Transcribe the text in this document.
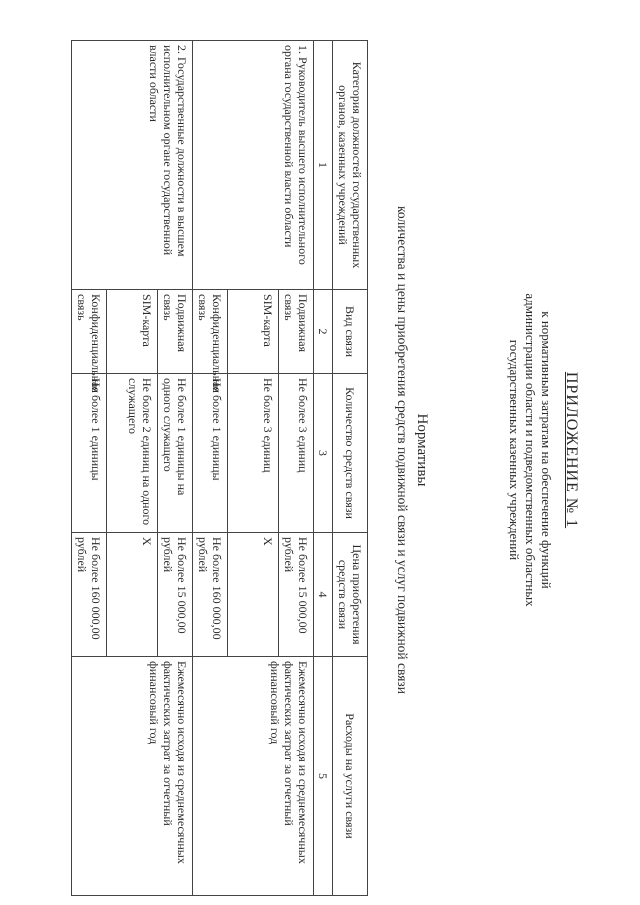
ПРИЛОЖЕНИЕ № 1
к нормативным затратам на обеспечение функций
администрации области и подведомственных областных
государственных казенных учреждений
Нормативы
количества и цены приобретения средств подвижной связи и услуг подвижной связи
Категория должностей государственных органов, казенных учреждений	Вид связи	Количество средств связи	Цена приобретения средств связи	Расходы на услуги связи
1	2	3	4	5
1. Руководитель высшего исполнительного органа государственной власти области	Подвижная связь	Не более 3 единиц	Не более 15 000,00 рублей	Ежемесячно исходя из среднемесячных фактических затрат за отчетный финансовый год
	SIM-карта	Не более 3 единиц	X	
	Конфиденциальная связь	Не более 1 единицы	Не более 160 000,00 рублей	
2. Государственные должности в высшем исполнительном органе государственной власти области	Подвижная связь	Не более 1 единицы на одного служащего	Не более 15 000,00 рублей	Ежемесячно исходя из среднемесячных фактических затрат за отчетный финансовый год
	SIM-карта	Не более 2 единиц на одного служащего	X	
	Конфиденциальная связь	Не более 1 единицы	Не более 160 000,00 рублей	
